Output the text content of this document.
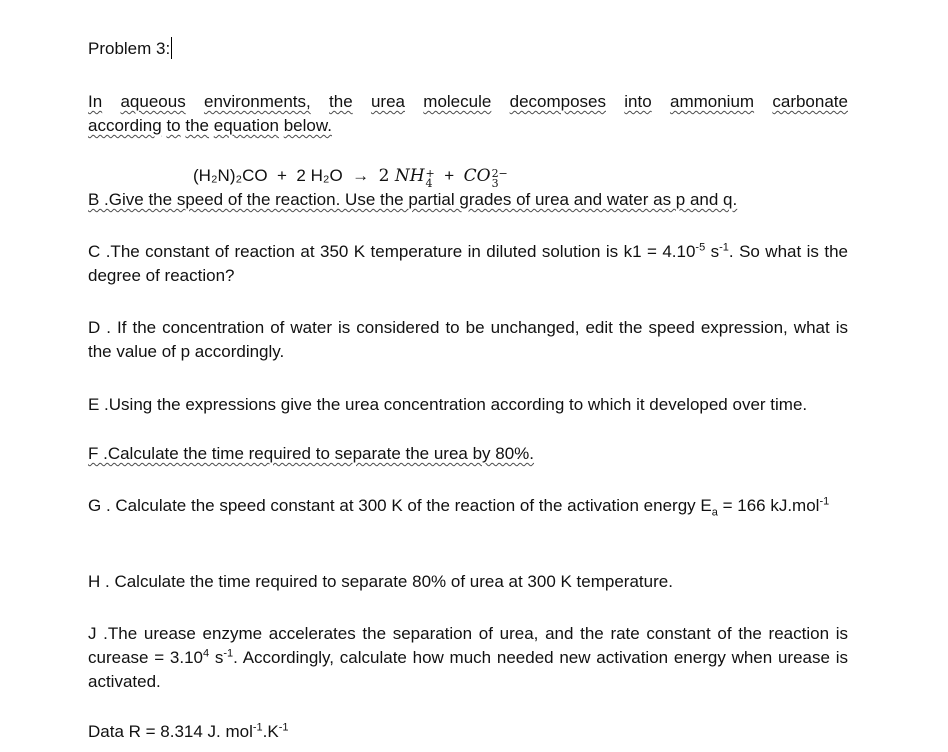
Problem 3:
In aqueous environments, the urea molecule decomposes into ammonium carbonate
according to the equation below.
(H₂N)₂CO + 2 H₂O → 2 NH +
4 + CO 2−
3
B .Give the speed of the reaction. Use the partial grades of urea and water as p and q.
C .The constant of reaction at 350 K temperature in diluted solution is $k1 = 4.10^{-5}$ $s^{-1}$. So what is the degree of reaction?
D . If the concentration of water is considered to be unchanged, edit the speed expression, what is the value of p accordingly.
E .Using the expressions give the urea concentration according to which it developed over time.
F .Calculate the time required to separate the urea by 80%.
G . Calculate the speed constant at 300 K of the reaction of the activation energy $E_a = 166$ kJ.mol$^{-1}$
H . Calculate the time required to separate 80% of urea at 300 K temperature.
J .The urease enzyme accelerates the separation of urea, and the rate constant of the reaction is curease = $3.10^4$ $s^{-1}$. Accordingly, calculate how much needed new activation energy when urease is activated.
Data R = 8.314 J. $mol^{-1}.K^{-1}$
